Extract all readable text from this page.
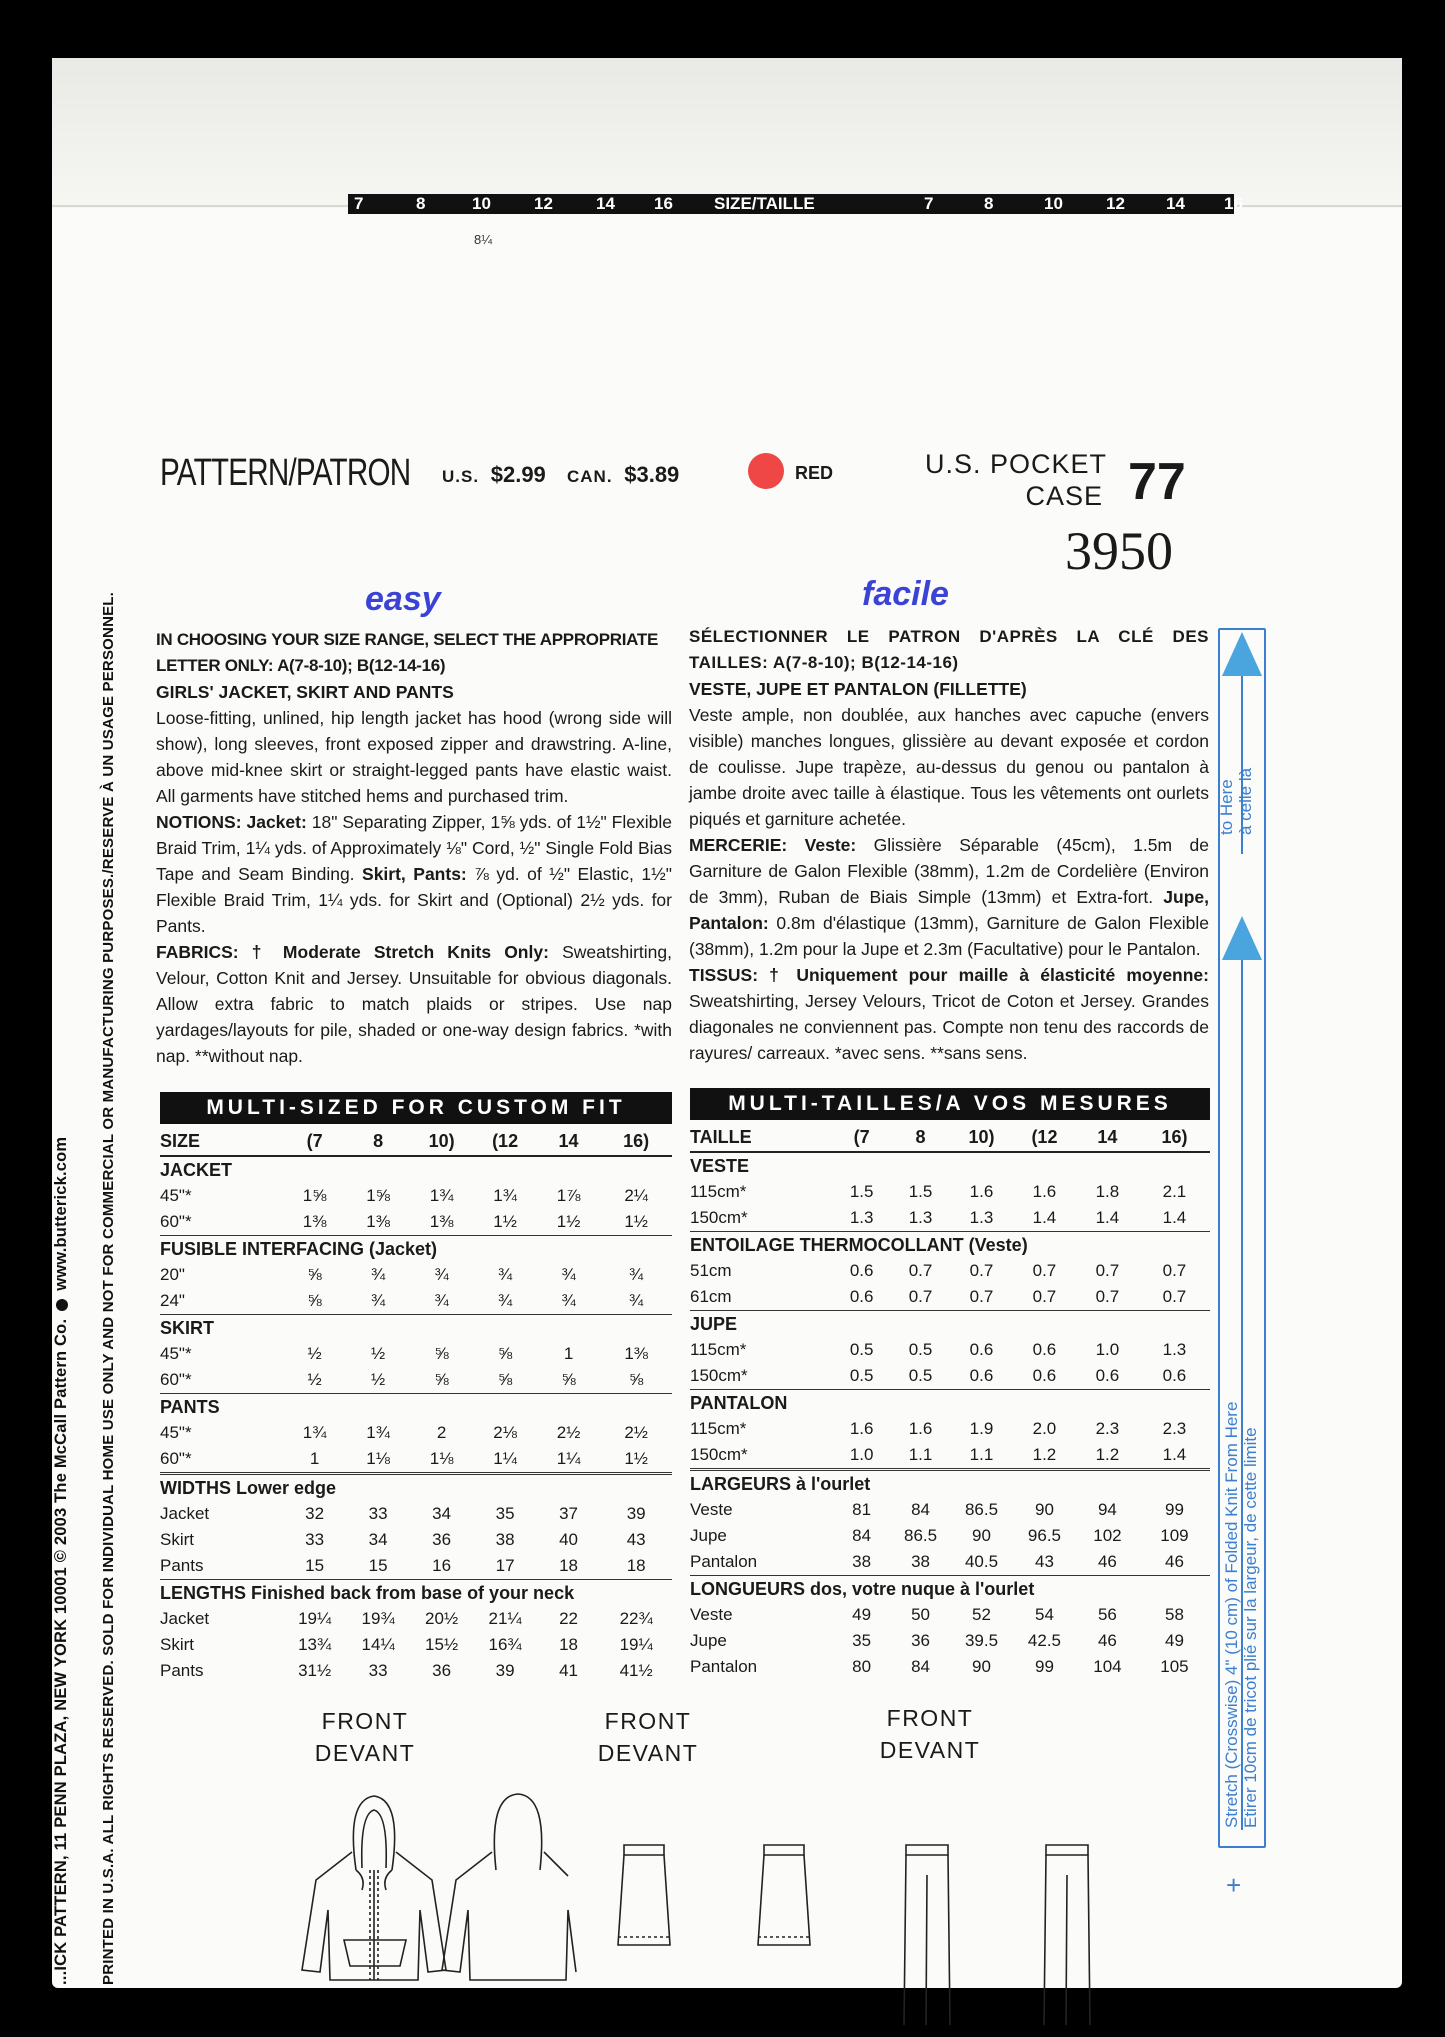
7	8	10	12	14 16 SIZE/TAILLE	7	8	10	12 14 16
8¼
PATTERN/PATRON U.S. $2.99 CAN. $3.89	RED	U.S. POCKET
CASE 77
3950
easy	facile
IN CHOOSING YOUR SIZE RANGE, SELECT THE APPROPRIATE LETTER ONLY: A(7-8-10); B(12-14-16)
GIRLS' JACKET, SKIRT AND PANTS
Loose-fitting, unlined, hip length jacket has hood (wrong side will show), long sleeves, front exposed zipper and drawstring. A-line, above mid-knee skirt or straight-legged pants have elastic waist. All garments have stitched hems and purchased trim.
NOTIONS: Jacket: 18" Separating Zipper, 1⅝ yds. of 1½" Flexible Braid Trim, 1¼ yds. of Approximately ⅛" Cord, ½" Single Fold Bias Tape and Seam Binding. Skirt, Pants: ⅞ yd. of ½" Elastic, 1½" Flexible Braid Trim, 1¼ yds. for Skirt and (Optional) 2½ yds. for Pants.
FABRICS: † Moderate Stretch Knits Only: Sweatshirting, Velour, Cotton Knit and Jersey. Unsuitable for obvious diagonals. Allow extra fabric to match plaids or stripes. Use nap yardages/layouts for pile, shaded or one-way design fabrics. *with nap. **without nap.
SÉLECTIONNER LE PATRON D'APRÈS LA CLÉ DES TAILLES: A(7-8-10); B(12-14-16)
VESTE, JUPE ET PANTALON (FILLETTE)
Veste ample, non doublée, aux hanches avec capuche (envers visible) manches longues, glissière au devant exposée et cordon de coulisse. Jupe trapèze, au-dessus du genou ou pantalon à jambe droite avec taille à élastique. Tous les vêtements ont ourlets piqués et garniture achetée.
MERCERIE: Veste: Glissière Séparable (45cm), 1.5m de Garniture de Galon Flexible (38mm), 1.2m de Cordelière (Environ de 3mm), Ruban de Biais Simple (13mm) et Extra-fort. Jupe, Pantalon: 0.8m d'élastique (13mm), Garniture de Galon Flexible (38mm), 1.2m pour la Jupe et 2.3m (Facultative) pour le Pantalon.
TISSUS: † Uniquement pour maille à élasticité moyenne: Sweatshirting, Jersey Velours, Tricot de Coton et Jersey. Grandes diagonales ne conviennent pas. Compte non tenu des raccords de rayures/ carreaux. *avec sens. **sans sens.
MULTI-SIZED FOR CUSTOM FIT	MULTI-TAILLES/A VOS MESURES
SIZE	(7	8	10)	(12	14	16)
JACKET						
45"*	1⅝	1⅝	1¾	1¾	1⅞	2¼
60"*	1⅜	1⅜	1⅜	1½	1½	1½
FUSIBLE INTERFACING (Jacket)						
20"	⅝	¾	¾	¾	¾	¾
24"	⅝	¾	¾	¾	¾	¾
SKIRT						
45"*	½	½	⅝	⅝	1	1⅜
60"*	½	½	⅝	⅝	⅝	⅝
PANTS						
45"*	1¾	1¾	2	2⅛	2½	2½
60"*	1	1⅛	1⅛	1¼	1¼	1½
WIDTHS Lower edge						
Jacket	32	33	34	35	37	39
Skirt	33	34	36	38	40	43
Pants	15	15	16	17	18	18
LENGTHS Finished back from base of your neck						
Jacket	19¼	19¾	20½	21¼	22	22¾
Skirt	13¾	14¼	15½	16¾	18	19¼
Pants	31½	33	36	39	41	41½
TAILLE	(7	8	10)	(12	14	16)
VESTE						
115cm*	1.5	1.5	1.6	1.6	1.8	2.1
150cm*	1.3	1.3	1.3	1.4	1.4	1.4
ENTOILAGE THERMOCOLLANT (Veste)						
51cm	0.6	0.7	0.7	0.7	0.7	0.7
61cm	0.6	0.7	0.7	0.7	0.7	0.7
JUPE						
115cm*	0.5	0.5	0.6	0.6	1.0	1.3
150cm*	0.5	0.5	0.6	0.6	0.6	0.6
PANTALON						
115cm*	1.6	1.6	1.9	2.0	2.3	2.3
150cm*	1.0	1.1	1.1	1.2	1.2	1.4
LARGEURS à l'ourlet						
Veste	81	84	86.5	90	94	99
Jupe	84	86.5	90	96.5	102	109
Pantalon	38	38	40.5	43	46	46
LONGUEURS dos, votre nuque à l'ourlet						
Veste	49	50	52	54	56	58
Jupe	35	36	39.5	42.5	46	49
Pantalon	80	84	90	99	104	105
to Here à celle là
Stretch (Crosswise) 4" (10 cm) of Folded Knit From Here Etirer 10cm de tricot plié sur la largeur, de cette limite
+
...ICK PATTERN, 11 PENN PLAZA, NEW YORK 10001 © 2003 The McCall Pattern Co.www.butterick.com PRINTED IN U.S.A. ALL RIGHTS RESERVED. SOLD FOR INDIVIDUAL HOME USE ONLY AND NOT FOR COMMERCIAL OR MANUFACTURING PURPOSES./RESERVE À UN USAGE PERSONNEL.	FRONT
DEVANT
FRONT
DEVANT
FRONT
DEVANT
